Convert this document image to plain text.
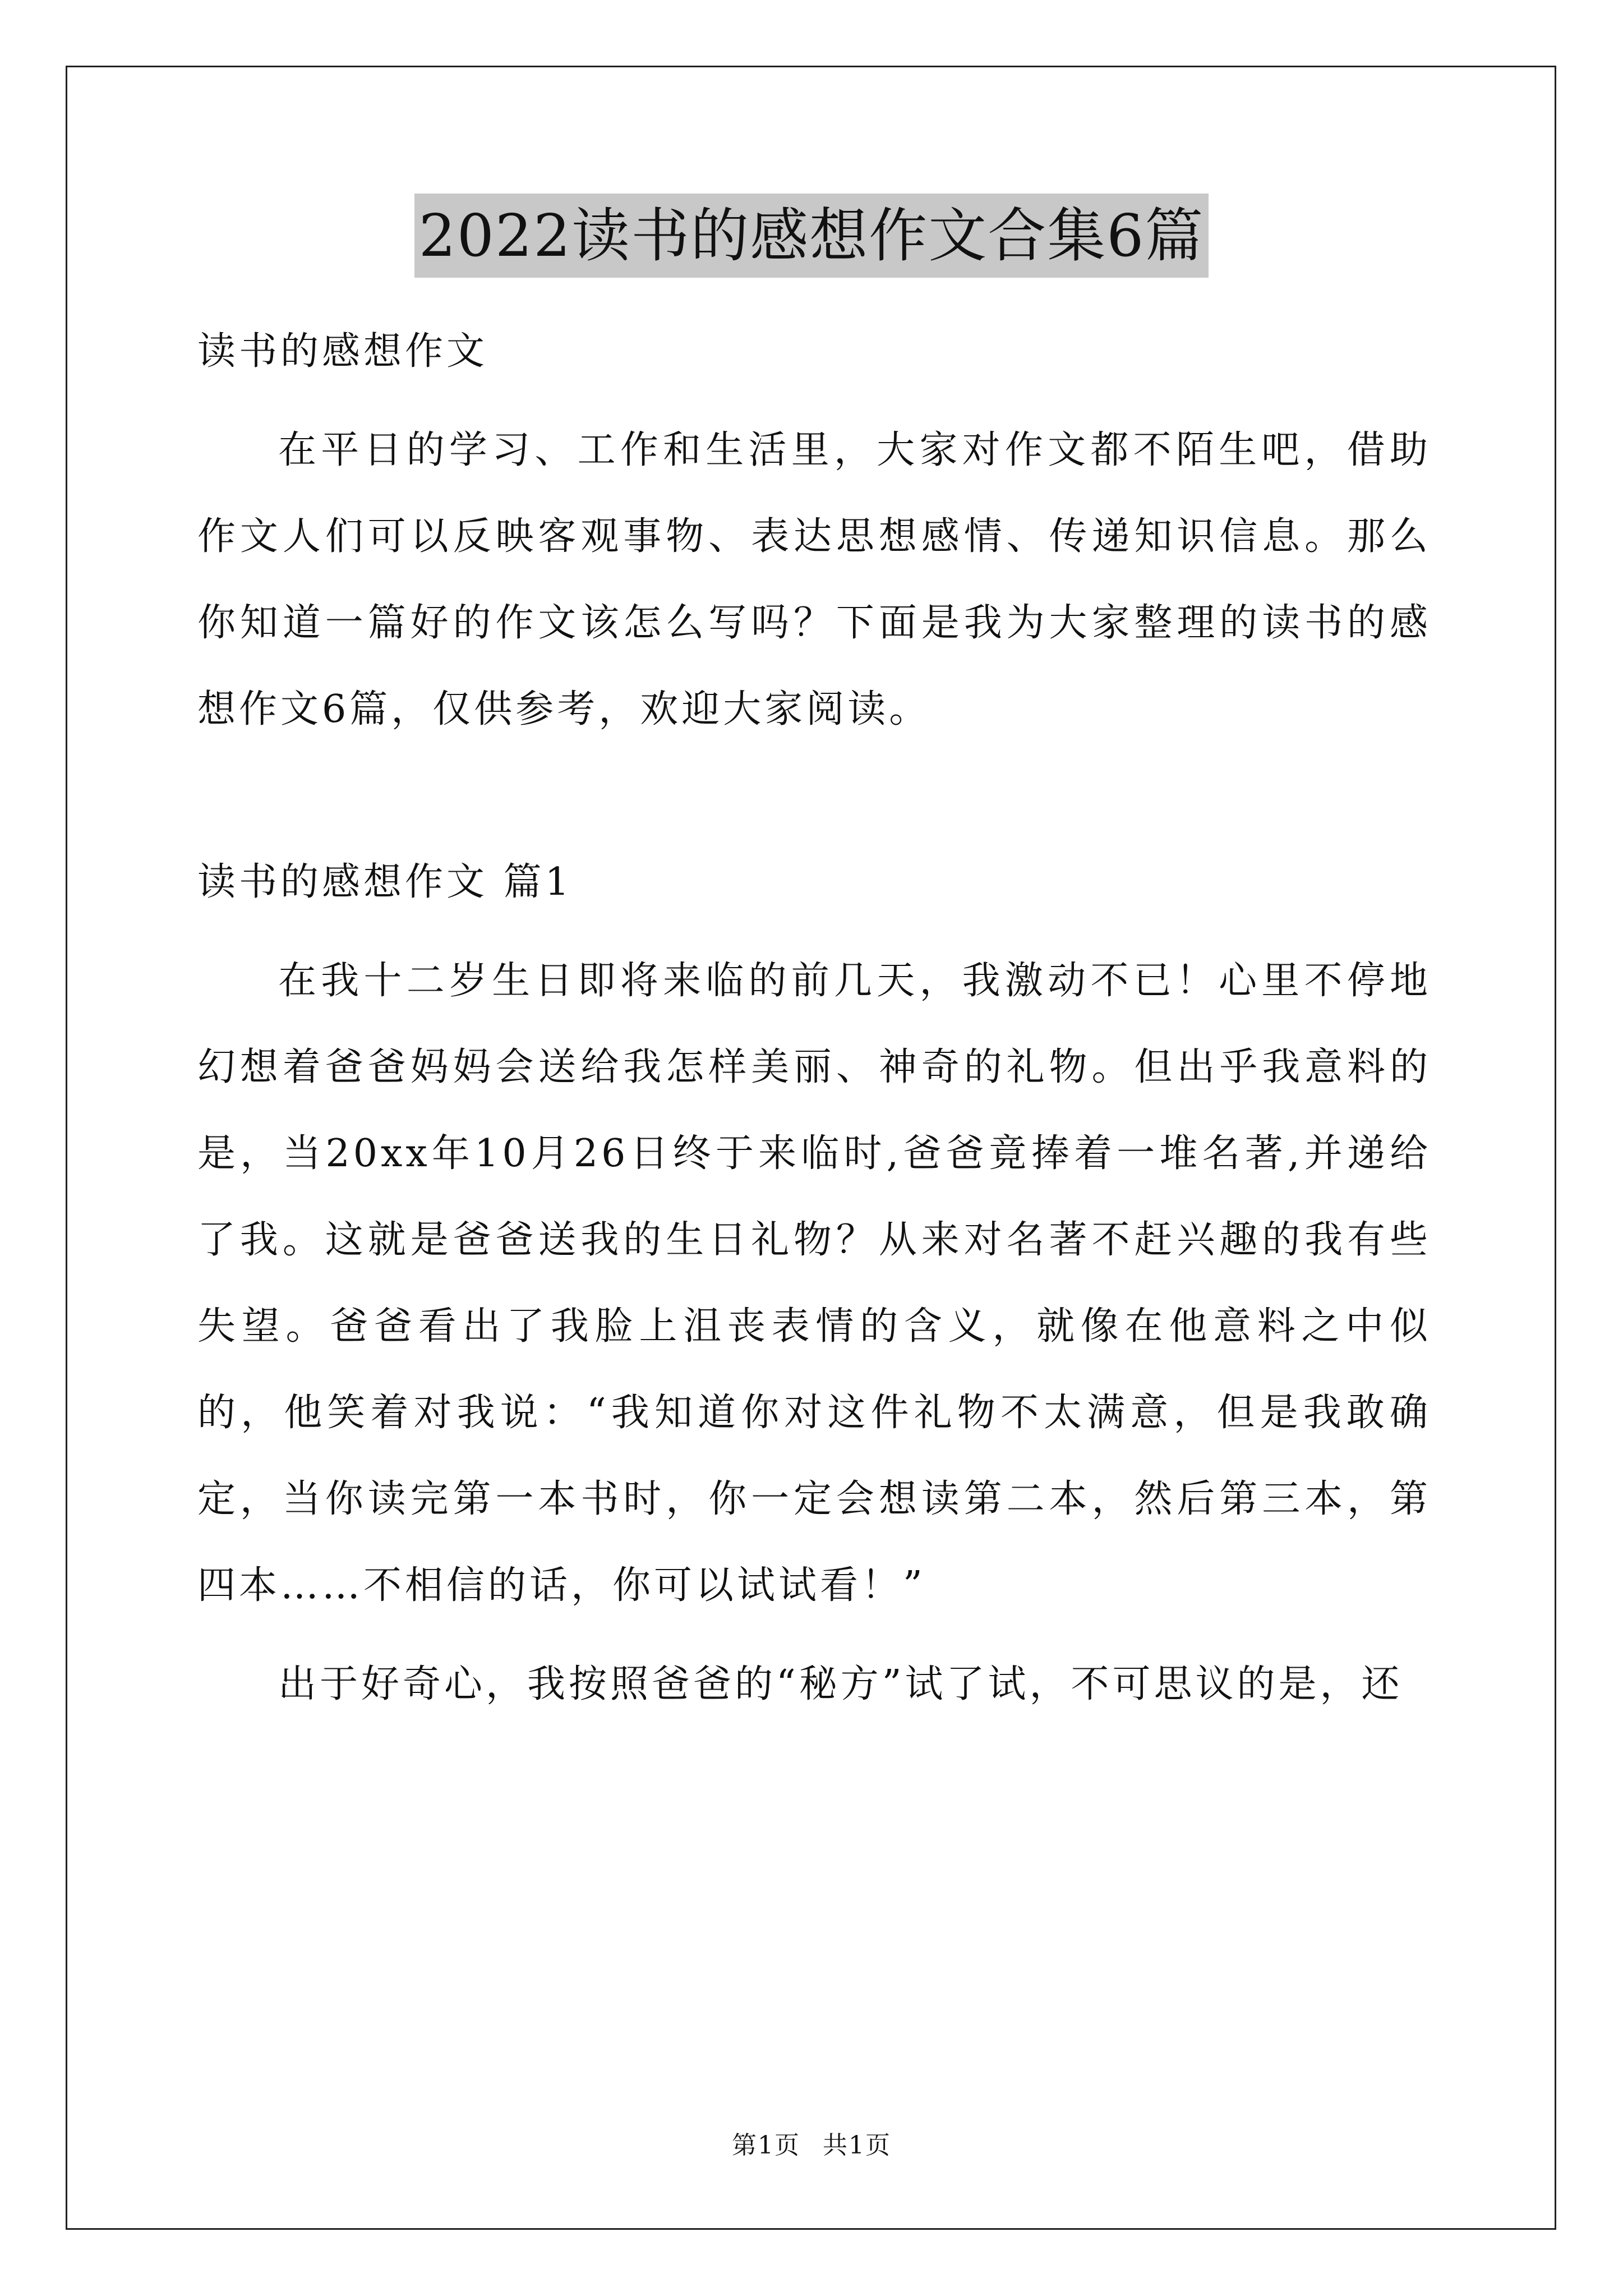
2022读书的感想作文合集6篇

读书的感想作文

在平日的学习、工作和生活里，大家对作文都不陌生吧，借助作文人们可以反映客观事物、表达思想感情、传递知识信息。那么你知道一篇好的作文该怎么写吗？下面是我为大家整理的读书的感想作文6篇，仅供参考，欢迎大家阅读。

读书的感想作文 篇1

在我十二岁生日即将来临的前几天，我激动不已！心里不停地幻想着爸爸妈妈会送给我怎样美丽、神奇的礼物。但出乎我意料的是，当20xx年10月26日终于来临时,爸爸竟捧着一堆名著,并递给了我。这就是爸爸送我的生日礼物？从来对名著不赶兴趣的我有些失望。爸爸看出了我脸上沮丧表情的含义，就像在他意料之中似的，他笑着对我说：“我知道你对这件礼物不太满意，但是我敢确定，当你读完第一本书时，你一定会想读第二本，然后第三本，第四本……不相信的话，你可以试试看！”

出于好奇心，我按照爸爸的“秘方”试了试，不可思议的是，还

第1页 共1页
